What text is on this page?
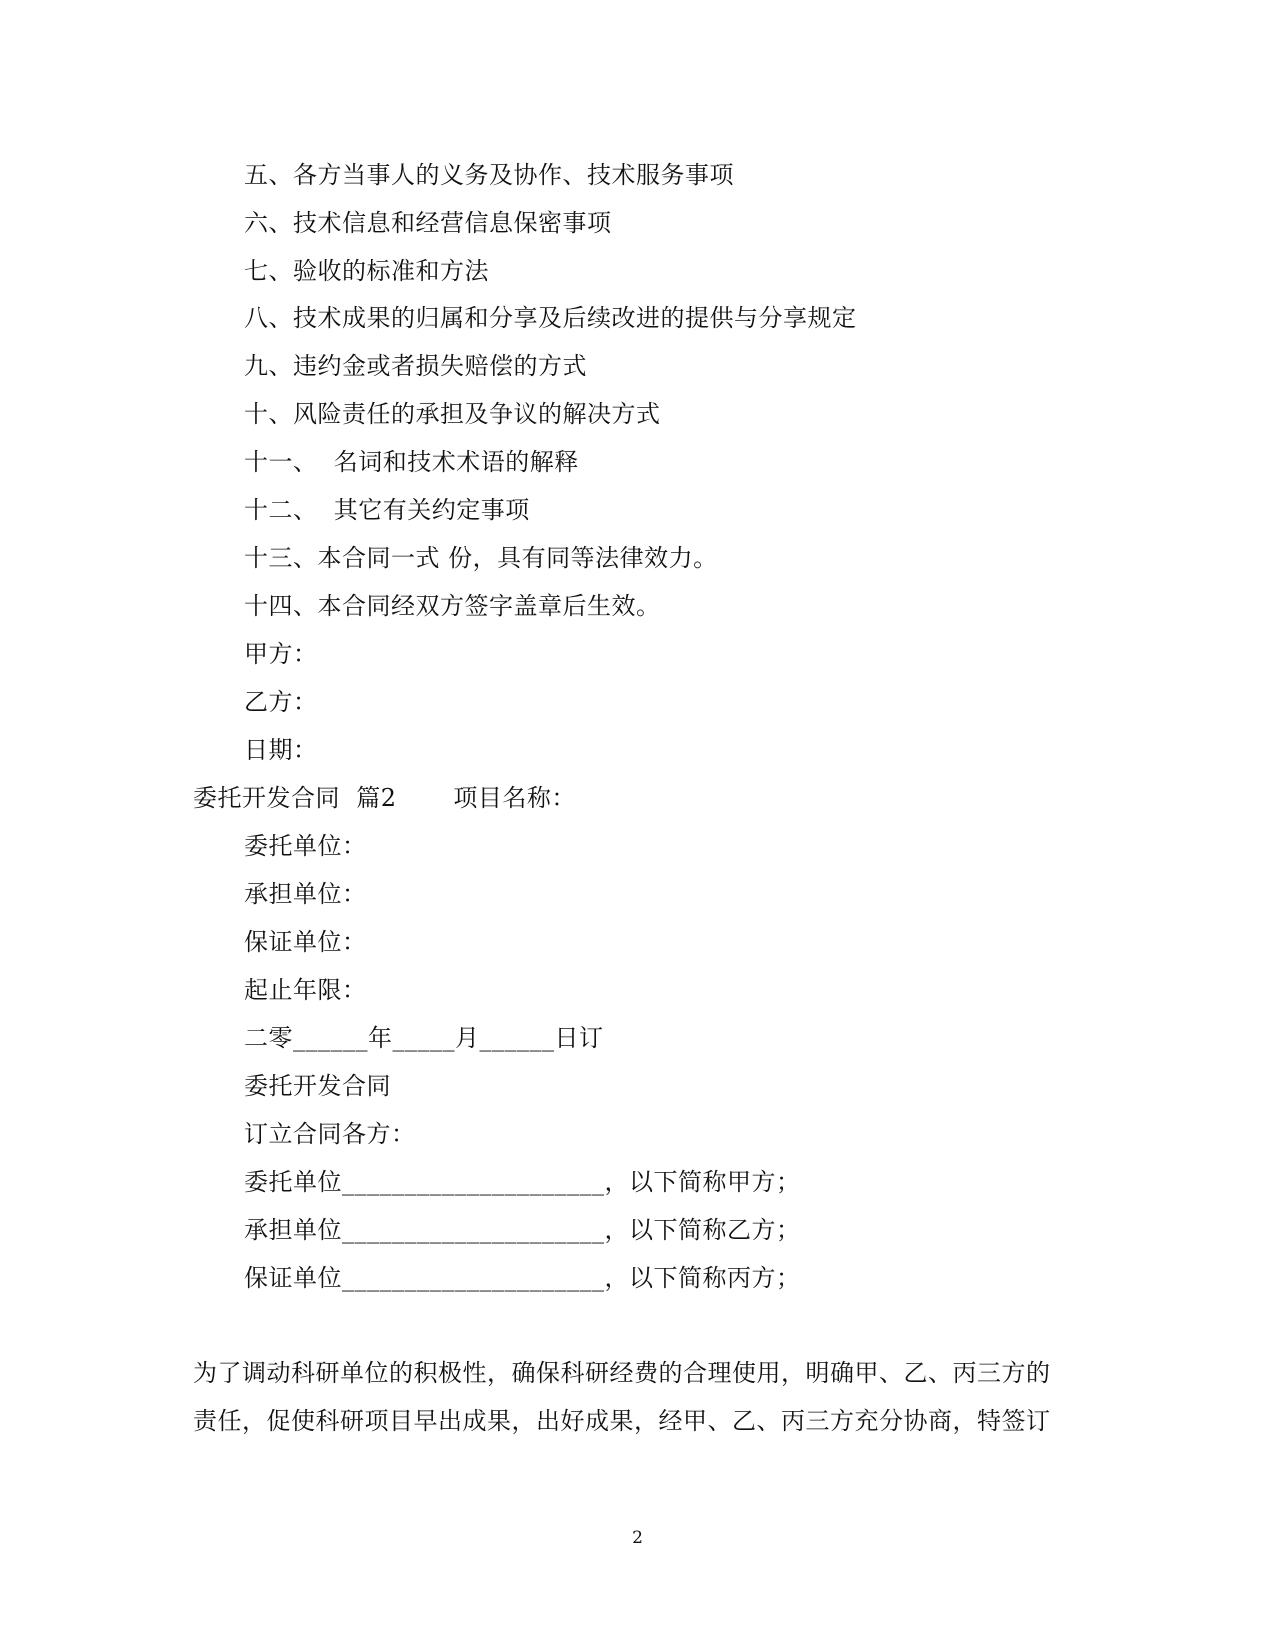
五、各方当事人的义务及协作、技术服务事项
六、技术信息和经营信息保密事项
七、验收的标准和方法
八、技术成果的归属和分享及后续改进的提供与分享规定
九、违约金或者损失赔偿的方式
十、风险责任的承担及争议的解决方式
十一、  名词和技术术语的解释
十二、  其它有关约定事项
十三、本合同一式 份，具有同等法律效力。
十四、本合同经双方签字盖章后生效。
甲方：
乙方：
日期：
委托开发合同  篇2       项目名称：
委托单位：
承担单位：
保证单位：
起止年限：
二零______年_____月______日订
委托开发合同
订立合同各方：
委托单位_____________________，以下简称甲方；
承担单位_____________________，以下简称乙方；
保证单位_____________________，以下简称丙方；
为了调动科研单位的积极性，确保科研经费的合理使用，明确甲、乙、丙三方的
责任，促使科研项目早出成果，出好成果，经甲、乙、丙三方充分协商，特签订
2
